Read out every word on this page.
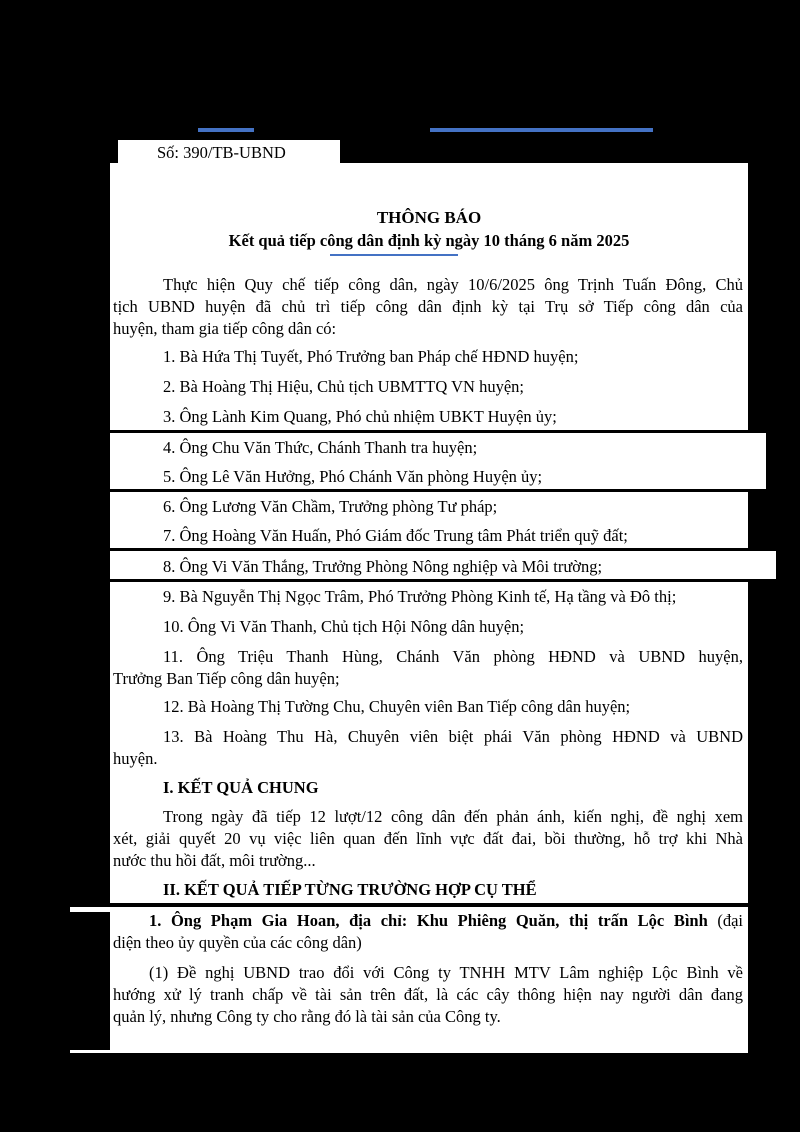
Số: 390/TB-UBND
THÔNG BÁO
Kết quả tiếp công dân định kỳ ngày 10 tháng 6 năm 2025
Thực hiện Quy chế tiếp công dân, ngày 10/6/2025 ông Trịnh Tuấn Đông, Chủ
tịch UBND huyện đã chủ trì tiếp công dân định kỳ tại Trụ sở Tiếp công dân của
huyện, tham gia tiếp công dân có:
1. Bà Hứa Thị Tuyết, Phó Trưởng ban Pháp chế HĐND huyện;
2. Bà Hoàng Thị Hiệu, Chủ tịch UBMTTQ VN huyện;
3. Ông Lành Kim Quang, Phó chủ nhiệm UBKT Huyện ủy;
4. Ông Chu Văn Thức, Chánh Thanh tra huyện;
5. Ông Lê Văn Hưởng, Phó Chánh Văn phòng Huyện ủy;
6. Ông Lương Văn Chầm, Trưởng phòng Tư pháp;
7. Ông Hoàng Văn Huấn, Phó Giám đốc Trung tâm Phát triển quỹ đất;
8. Ông Vi Văn Thắng, Trưởng Phòng Nông nghiệp và Môi trường;
9. Bà Nguyễn Thị Ngọc Trâm, Phó Trưởng Phòng Kinh tế, Hạ tầng và Đô thị;
10. Ông Vi Văn Thanh, Chủ tịch Hội Nông dân huyện;
11. Ông Triệu Thanh Hùng, Chánh Văn phòng HĐND và UBND huyện,
Trưởng Ban Tiếp công dân huyện;
12. Bà Hoàng Thị Tường Chu, Chuyên viên Ban Tiếp công dân huyện;
13. Bà Hoàng Thu Hà, Chuyên viên biệt phái Văn phòng HĐND và UBND
huyện.
I. KẾT QUẢ CHUNG
Trong ngày đã tiếp 12 lượt/12 công dân đến phản ánh, kiến nghị, đề nghị xem
xét, giải quyết 20 vụ việc liên quan đến lĩnh vực đất đai, bồi thường, hỗ trợ khi Nhà
nước thu hồi đất, môi trường...
II. KẾT QUẢ TIẾP TỪNG TRƯỜNG HỢP CỤ THỂ
1. Ông Phạm Gia Hoan, địa chỉ: Khu Phiêng Quăn, thị trấn Lộc Bình (đại
diện theo ủy quyền của các công dân)
(1) Đề nghị UBND trao đổi với Công ty TNHH MTV Lâm nghiệp Lộc Bình về
hướng xử lý tranh chấp về tài sản trên đất, là các cây thông hiện nay người dân đang
quản lý, nhưng Công ty cho rằng đó là tài sản của Công ty.
